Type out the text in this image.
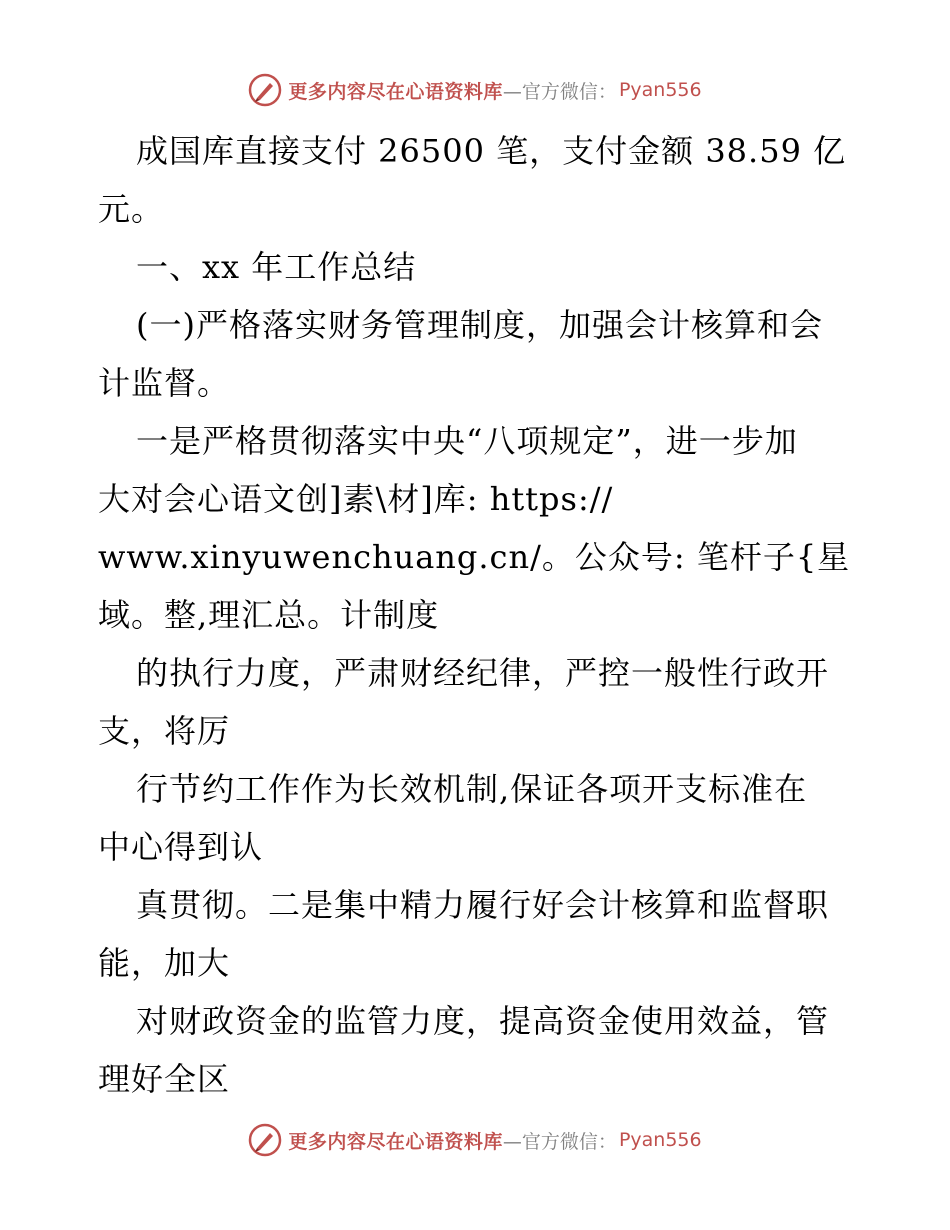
更多内容尽在心语资料库 —官方微信： Pyan556
成国库直接支付 26500 笔，支付金额 38.59 亿
元。
一、xx 年工作总结
(一)严格落实财务管理制度，加强会计核算和会
计监督。
一是严格贯彻落实中央“八项规定”，进一步加
大对会心语文创]素\材]库: https://
www.xinyuwenchuang.cn/。公众号: 笔杆子{星
域。整,理汇总。计制度
的执行力度，严肃财经纪律，严控一般性行政开
支，将厉
行节约工作作为长效机制,保证各项开支标准在
中心得到认
真贯彻。二是集中精力履行好会计核算和监督职
能，加大
对财政资金的监管力度，提高资金使用效益，管
理好全区
更多内容尽在心语资料库 —官方微信： Pyan556
